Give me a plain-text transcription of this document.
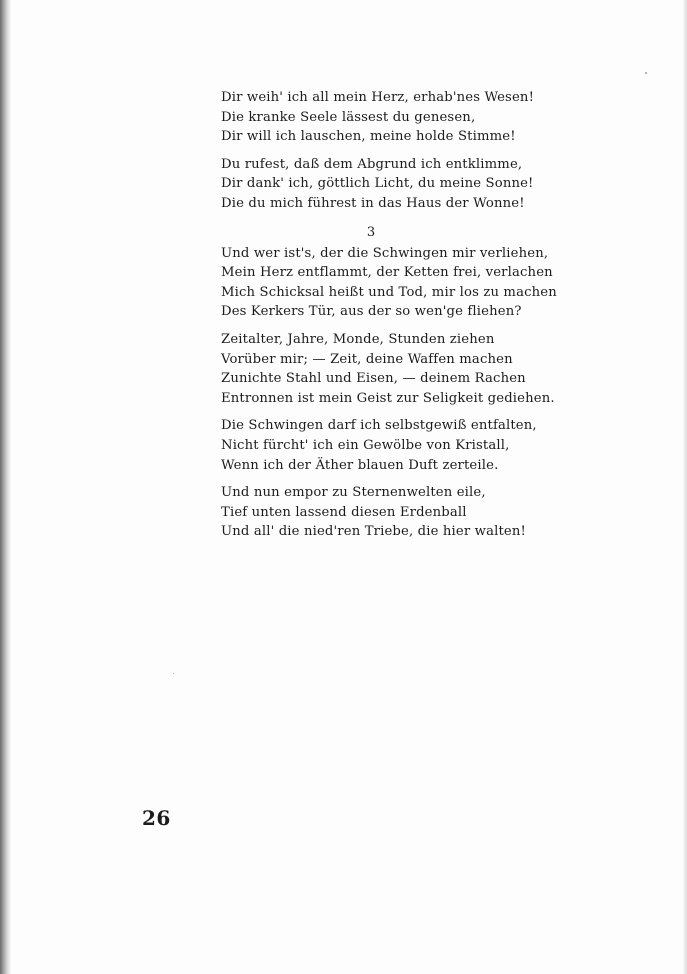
Dir weih' ich all mein Herz, erhab'nes Wesen!
Die kranke Seele lässest du genesen,
Dir will ich lauschen, meine holde Stimme!
Du rufest, daß dem Abgrund ich entklimme,
Dir dank' ich, göttlich Licht, du meine Sonne!
Die du mich führest in das Haus der Wonne!
3
Und wer ist's, der die Schwingen mir verliehen,
Mein Herz entflammt, der Ketten frei, verlachen
Mich Schicksal heißt und Tod, mir los zu machen
Des Kerkers Tür, aus der so wen'ge fliehen?
Zeitalter, Jahre, Monde, Stunden ziehen
Vorüber mir; — Zeit, deine Waffen machen
Zunichte Stahl und Eisen, — deinem Rachen
Entronnen ist mein Geist zur Seligkeit gediehen.
Die Schwingen darf ich selbstgewiß entfalten,
Nicht fürcht' ich ein Gewölbe von Kristall,
Wenn ich der Äther blauen Duft zerteile.
Und nun empor zu Sternenwelten eile,
Tief unten lassend diesen Erdenball
Und all' die nied'ren Triebe, die hier walten!
26
